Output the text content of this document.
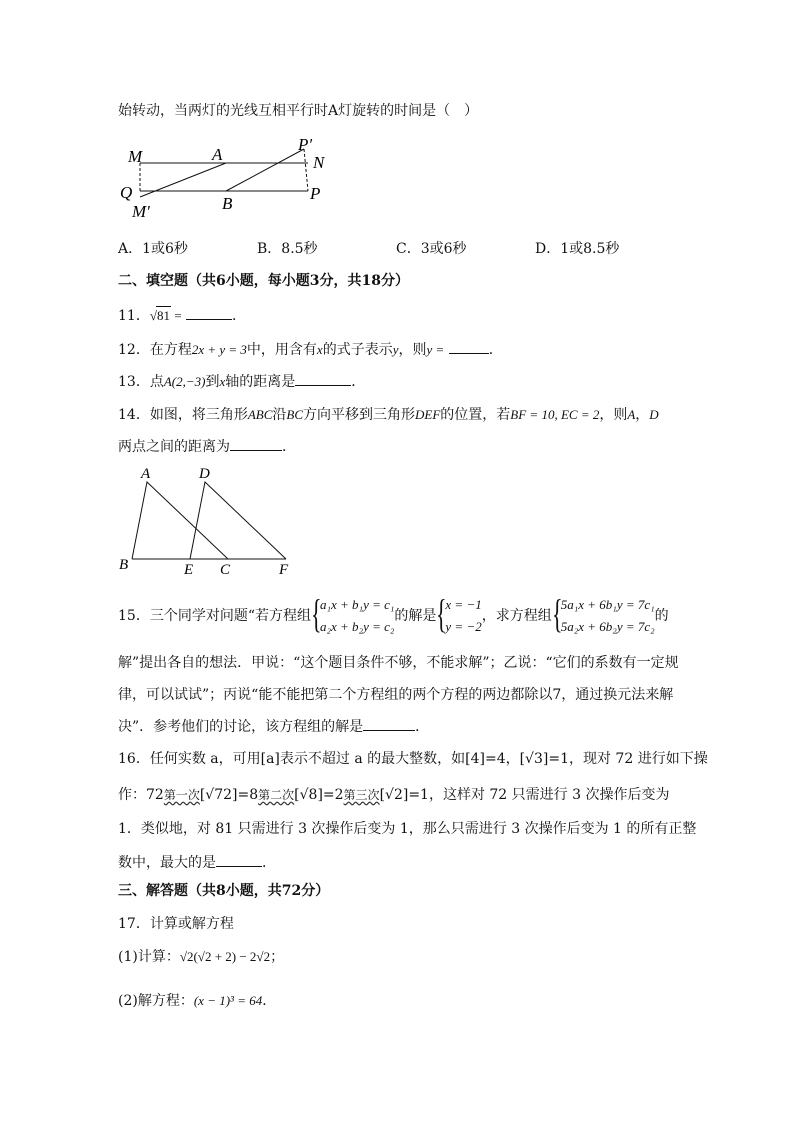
始转动，当两灯的光线互相平行时A灯旋转的时间是（　）
M	A
P'
N
Q
M'	B
P
A．1或6秒	B．8.5秒	C．3或6秒	D．1或8.5秒
二、填空题（共6小题，每小题3分，共18分）
11．√81 =	．
12．在方程2x + y = 3中，用含有x的式子表示y，则y =	．
13．点A(2,−3)到x轴的距离是	．
14．如图，将三角形ABC沿BC方向平移到三角形DEF的位置，若BF = 10, EC = 2，则A，D
两点之间的距离为	．
A	D
B	E C	F
15．三个同学对问题“若方程组 {
a₁x + b₁y = c₁
a₂x + b₂y = c₂的解是 {
x = −1
y = −2，求方程组 {
5a₁x + 6b₁y = 7c₁
5a₂x + 6b₂y = 7c₂的
解”提出各自的想法．甲说：“这个题目条件不够，不能求解”；乙说：“它们的系数有一定规
律，可以试试”；丙说“能不能把第二个方程组的两个方程的两边都除以7，通过换元法来解
决”．参考他们的讨论，该方程组的解是	．
16．任何实数 a，可用[a]表示不超过 a 的最大整数，如[4]=4，[√3]=1，现对 72 进行如下操
作：72第一次[√72]=8第二次[√8]=2第三次[√2]=1，这样对 72 只需进行 3 次操作后变为
1．类似地，对 81 只需进行 3 次操作后变为 1，那么只需进行 3 次操作后变为 1 的所有正整
数中，最大的是	．
三、解答题（共8小题，共72分）
17．计算或解方程
(1)计算：√2(√2 + 2) − 2√2；
(2)解方程：(x − 1)³ = 64．
